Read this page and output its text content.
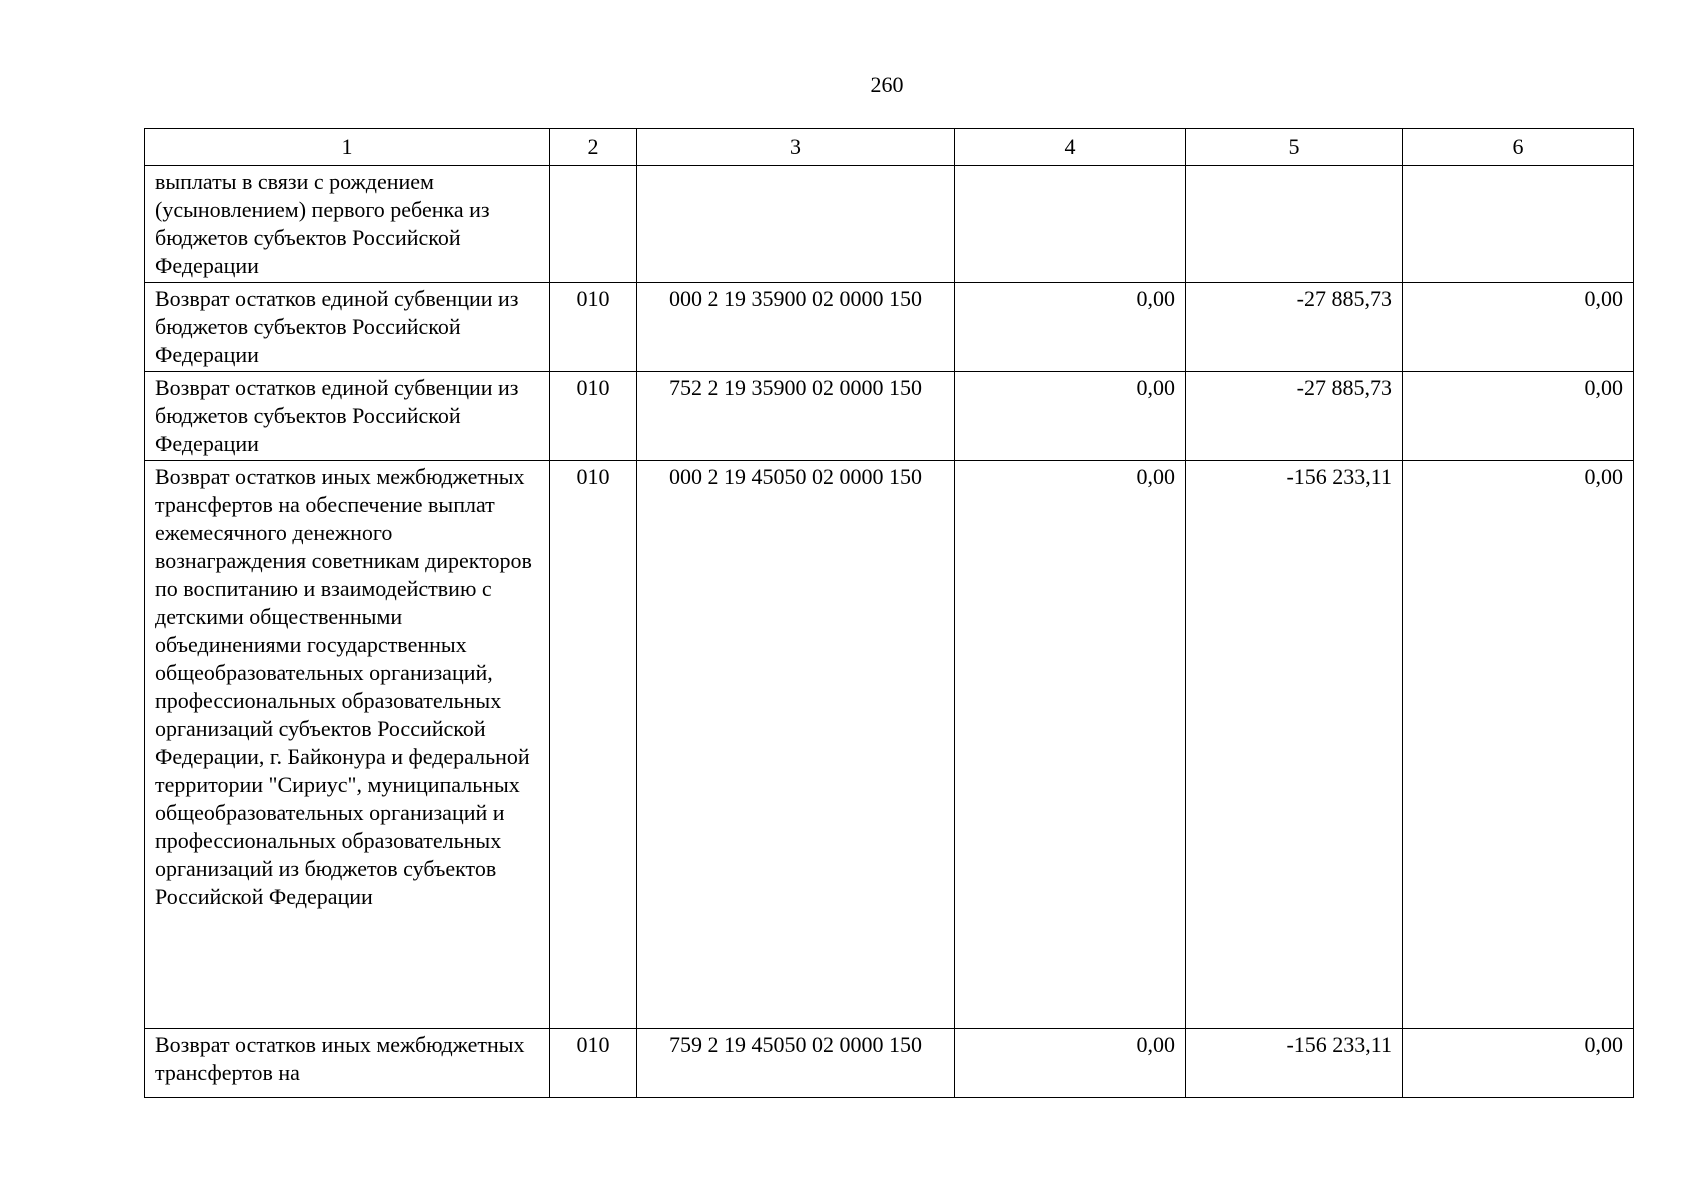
260
1	2	3	4	5	6
выплаты в связи с рождением (усыновлением) первого ребенка из бюджетов субъектов Российской Федерации					
Возврат остатков единой субвенции из бюджетов субъектов Российской Федерации	010	000 2 19 35900 02 0000 150	0,00	-27 885,73	0,00
Возврат остатков единой субвенции из бюджетов субъектов Российской Федерации	010	752 2 19 35900 02 0000 150	0,00	-27 885,73	0,00
Возврат остатков иных межбюджетных трансфертов на обеспечение выплат ежемесячного денежного вознаграждения советникам директоров по воспитанию и взаимодействию с детскими общественными объединениями государственных общеобразовательных организаций, профессиональных образовательных организаций субъектов Российской Федерации, г. Байконура и федеральной территории "Сириус", муниципальных общеобразовательных организаций и профессиональных образовательных организаций из бюджетов субъектов Российской Федерации	010	000 2 19 45050 02 0000 150	0,00	-156 233,11	0,00
Возврат остатков иных межбюджетных трансфертов на	010	759 2 19 45050 02 0000 150	0,00	-156 233,11	0,00
